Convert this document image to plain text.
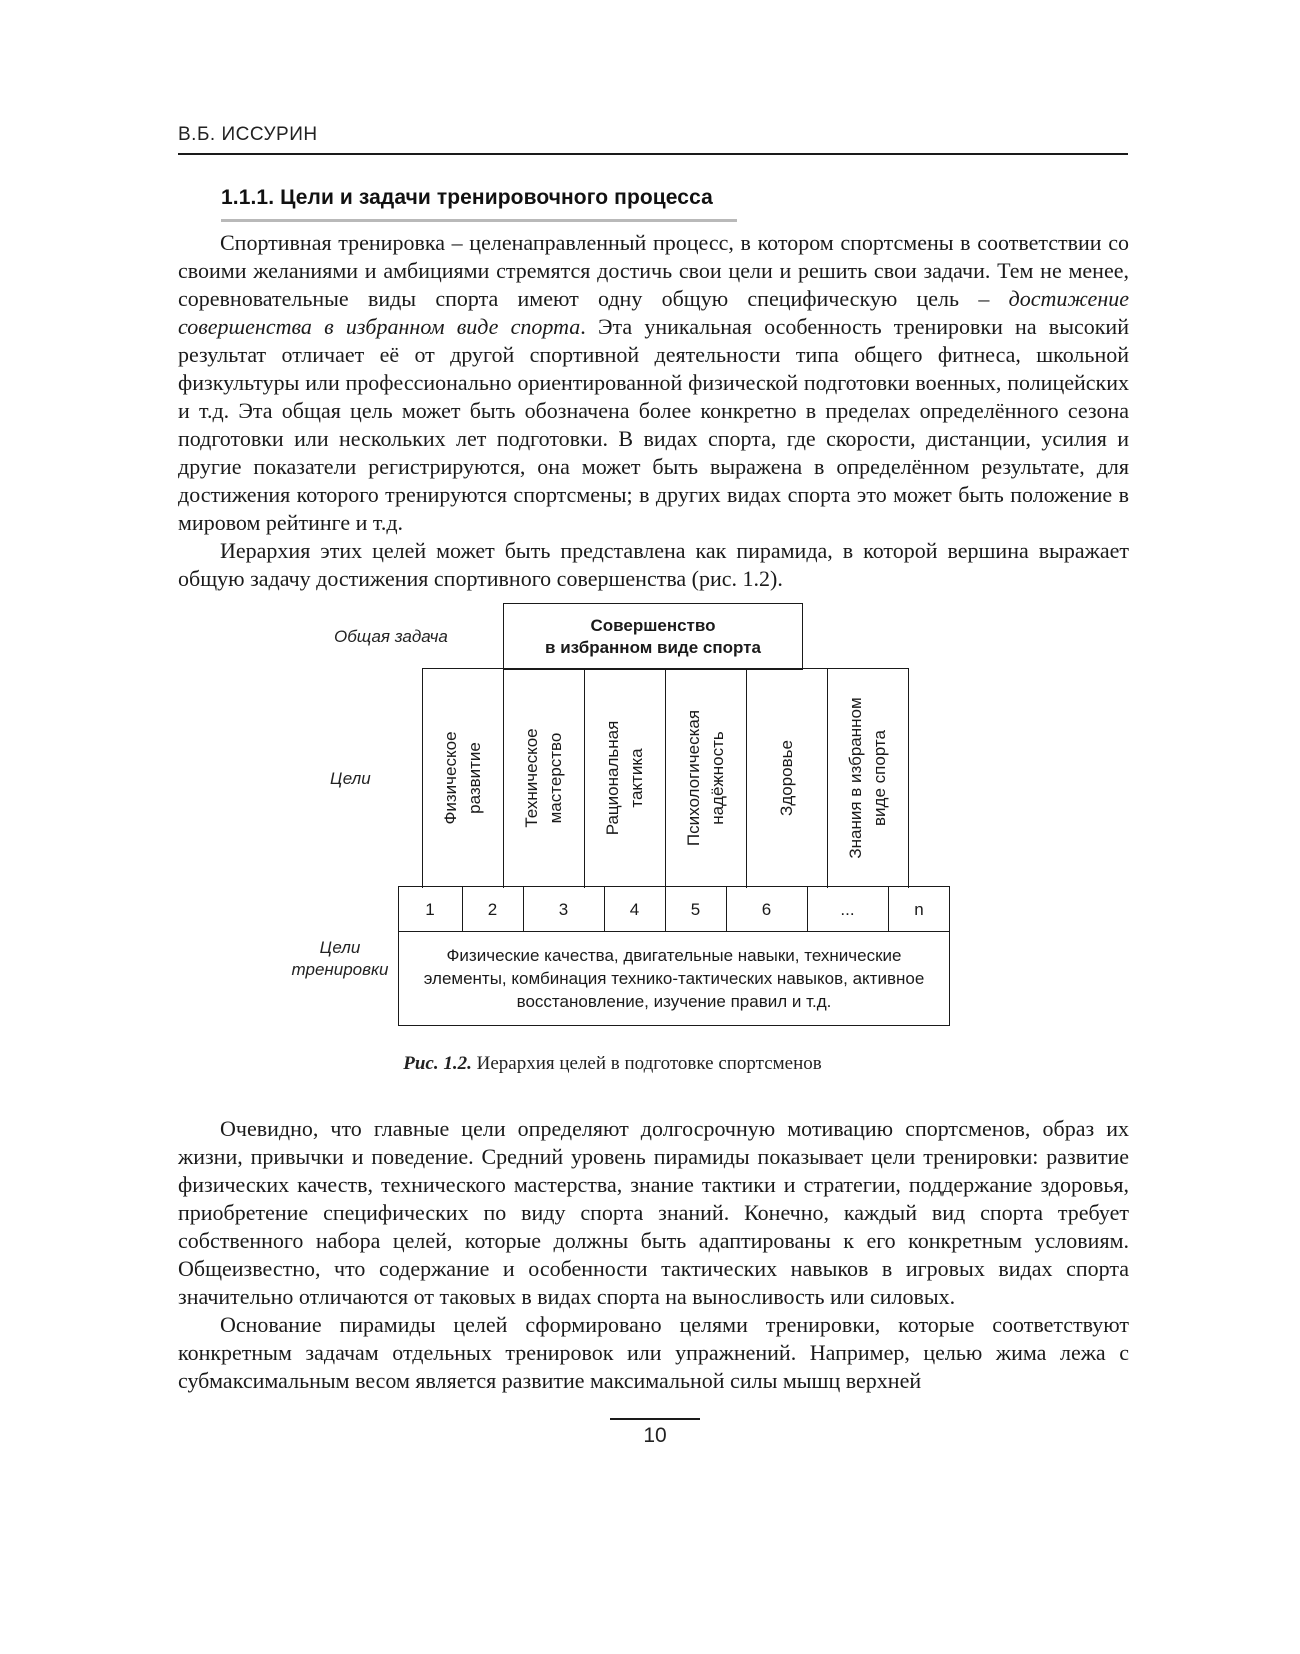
В.Б. ИССУРИН
1.1.1. Цели и задачи тренировочного процесса

Спортивная тренировка – целенаправленный процесс, в котором спортсмены в соответствии со своими желаниями и амбициями стремятся достичь свои цели и решить свои задачи. Тем не менее, соревновательные виды спорта имеют одну общую специфическую цель – достижение совершенства в избранном виде спорта. Эта уникальная особенность тренировки на высокий результат отличает её от другой спортивной деятельности типа общего фитнеса, школьной физкультуры или профессионально ориентированной физической подготовки военных, полицейских и т.д. Эта общая цель может быть обозначена более конкретно в пределах определённого сезона подготовки или нескольких лет подготовки. В видах спорта, где скорости, дистанции, усилия и другие показатели регистрируются, она может быть выражена в определённом результате, для достижения которого тренируются спортсмены; в других видах спорта это может быть положение в мировом рейтинге и т.д.

Иерархия этих целей может быть представлена как пирамида, в которой вершина выражает общую задачу достижения спортивного совершенства (рис. 1.2).

Общая задача
Цели
Цели
тренировки
Совершенство
в избранном виде спорта
Физическое
развитие Техническое
мастерство Рациональная
тактика Психологическая
надёжность	Здоровье
Знания в избранном
виде спорта
1	2	3	4	5	6	...	n
Физические качества, двигательные навыки, технические элементы, комбинация технико-тактических навыков, активное восстановление, изучение правил и т.д.
Рис. 1.2. Иерархия целей в подготовке спортсменов

Очевидно, что главные цели определяют долгосрочную мотивацию спортсменов, образ их жизни, привычки и поведение. Средний уровень пирамиды показывает цели тренировки: развитие физических качеств, технического мастерства, знание тактики и стратегии, поддержание здоровья, приобретение специфических по виду спорта знаний. Конечно, каждый вид спорта требует собственного набора целей, которые должны быть адаптированы к его конкретным условиям. Общеизвестно, что содержание и особенности тактических навыков в игровых видах спорта значительно отличаются от таковых в видах спорта на выносливость или силовых.

Основание пирамиды целей сформировано целями тренировки, которые соответствуют конкретным задачам отдельных тренировок или упражнений. Например, целью жима лежа с субмаксимальным весом является развитие максимальной силы мышц верхней

10
